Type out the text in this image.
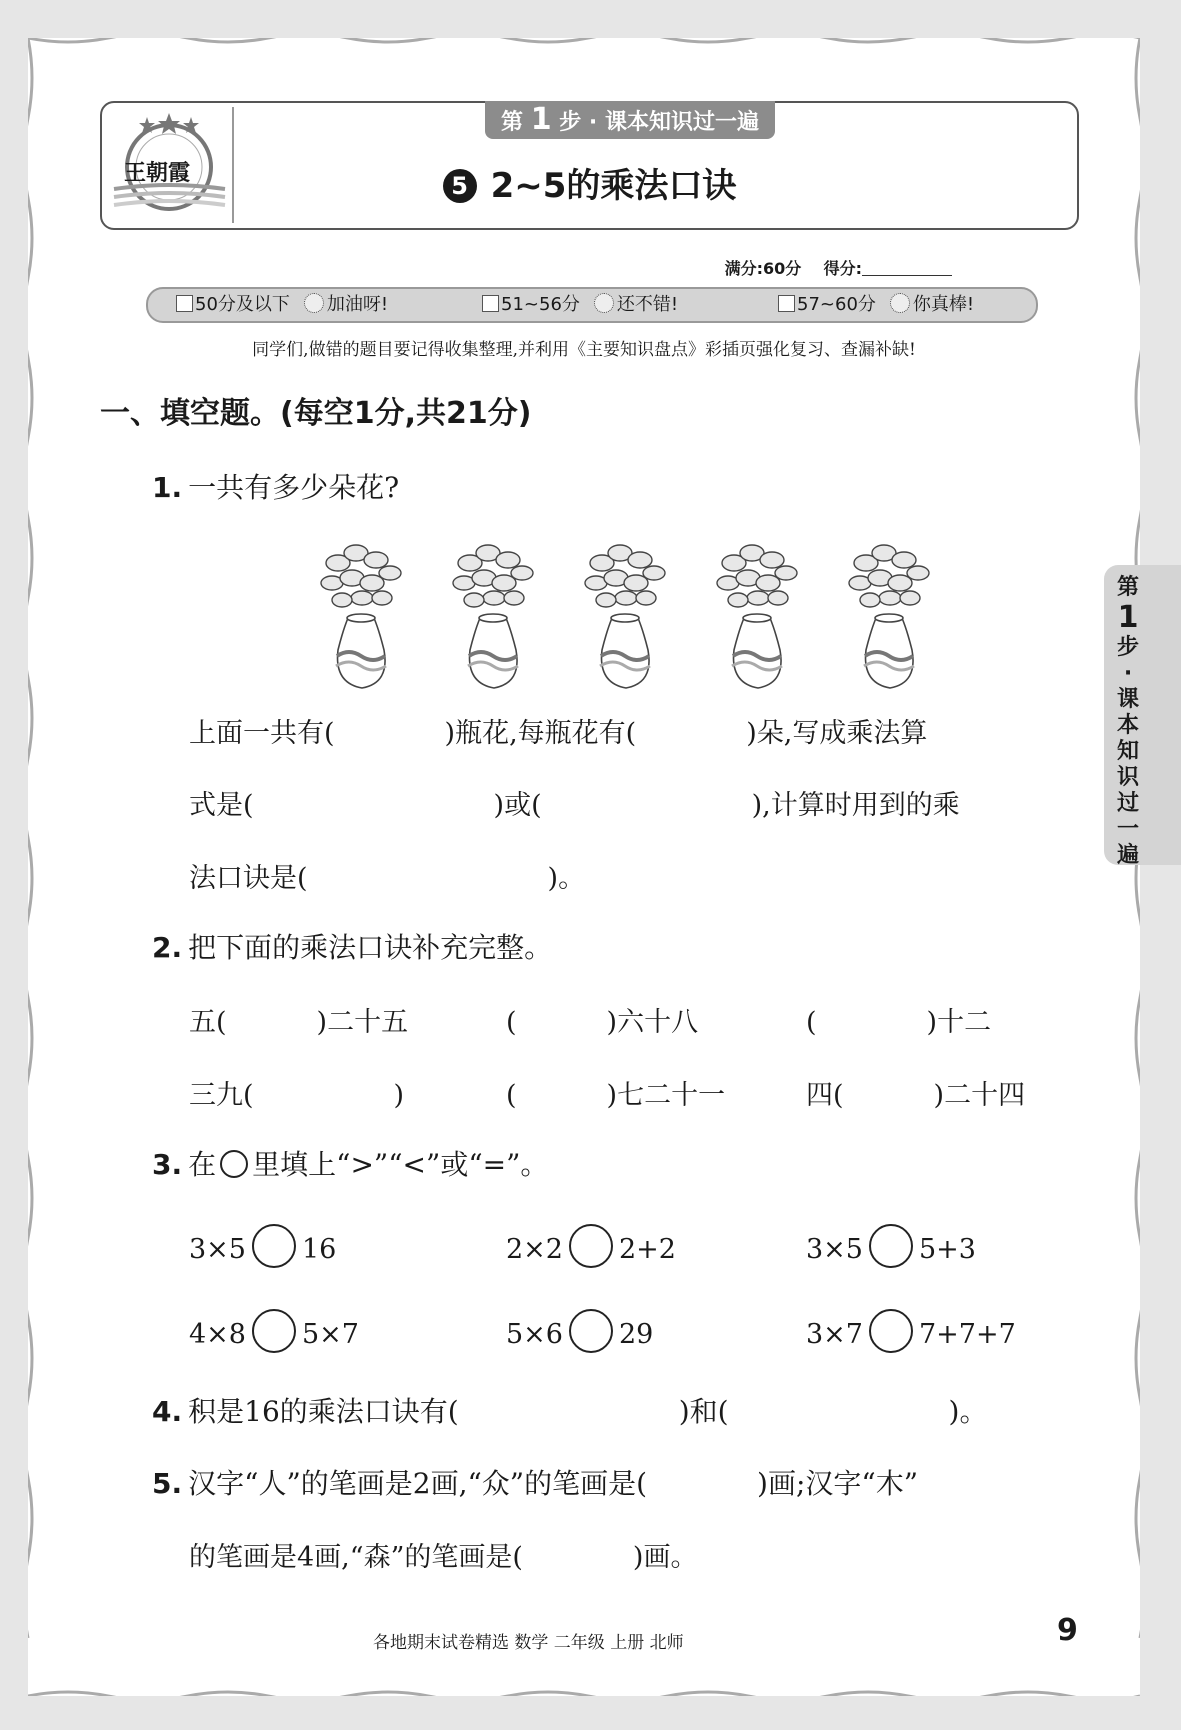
王朝霞
第 1 步 · 课本知识过一遍
5 2~5的乘法口诀
满分:60分 得分:
50分及以下 加油呀!	51~56分 还不错!	57~60分 你真棒!
同学们,做错的题目要记得收集整理,并利用《主要知识盘点》彩插页强化复习、查漏补缺!
一、填空题。(每空1分,共21分)
1. 一共有多少朵花?
上面一共有(	)瓶花,每瓶花有(	)朵,写成乘法算
式是(	)或(	),计算时用到的乘
法口诀是(	)。
2. 把下面的乘法口诀补充完整。
五(	)二十五	(	)六十八	(	)十二
三九(	)	(	)七二十一	四(	)二十四
3. 在 里填上“>”“<”或“=”。
3×5 16	2×2 2+2	3×5 5+3
4×8 5×7	5×6 29	3×7 7+7+7
4. 积是16的乘法口诀有(	)和(	)。
5. 汉字“人”的笔画是2画,“众”的笔画是(	)画;汉字“木”
的笔画是4画,“森”的笔画是(	)画。
各地期末试卷精选 数学 二年级 上册 北师	9
第
1
步·课本知识过一遍
